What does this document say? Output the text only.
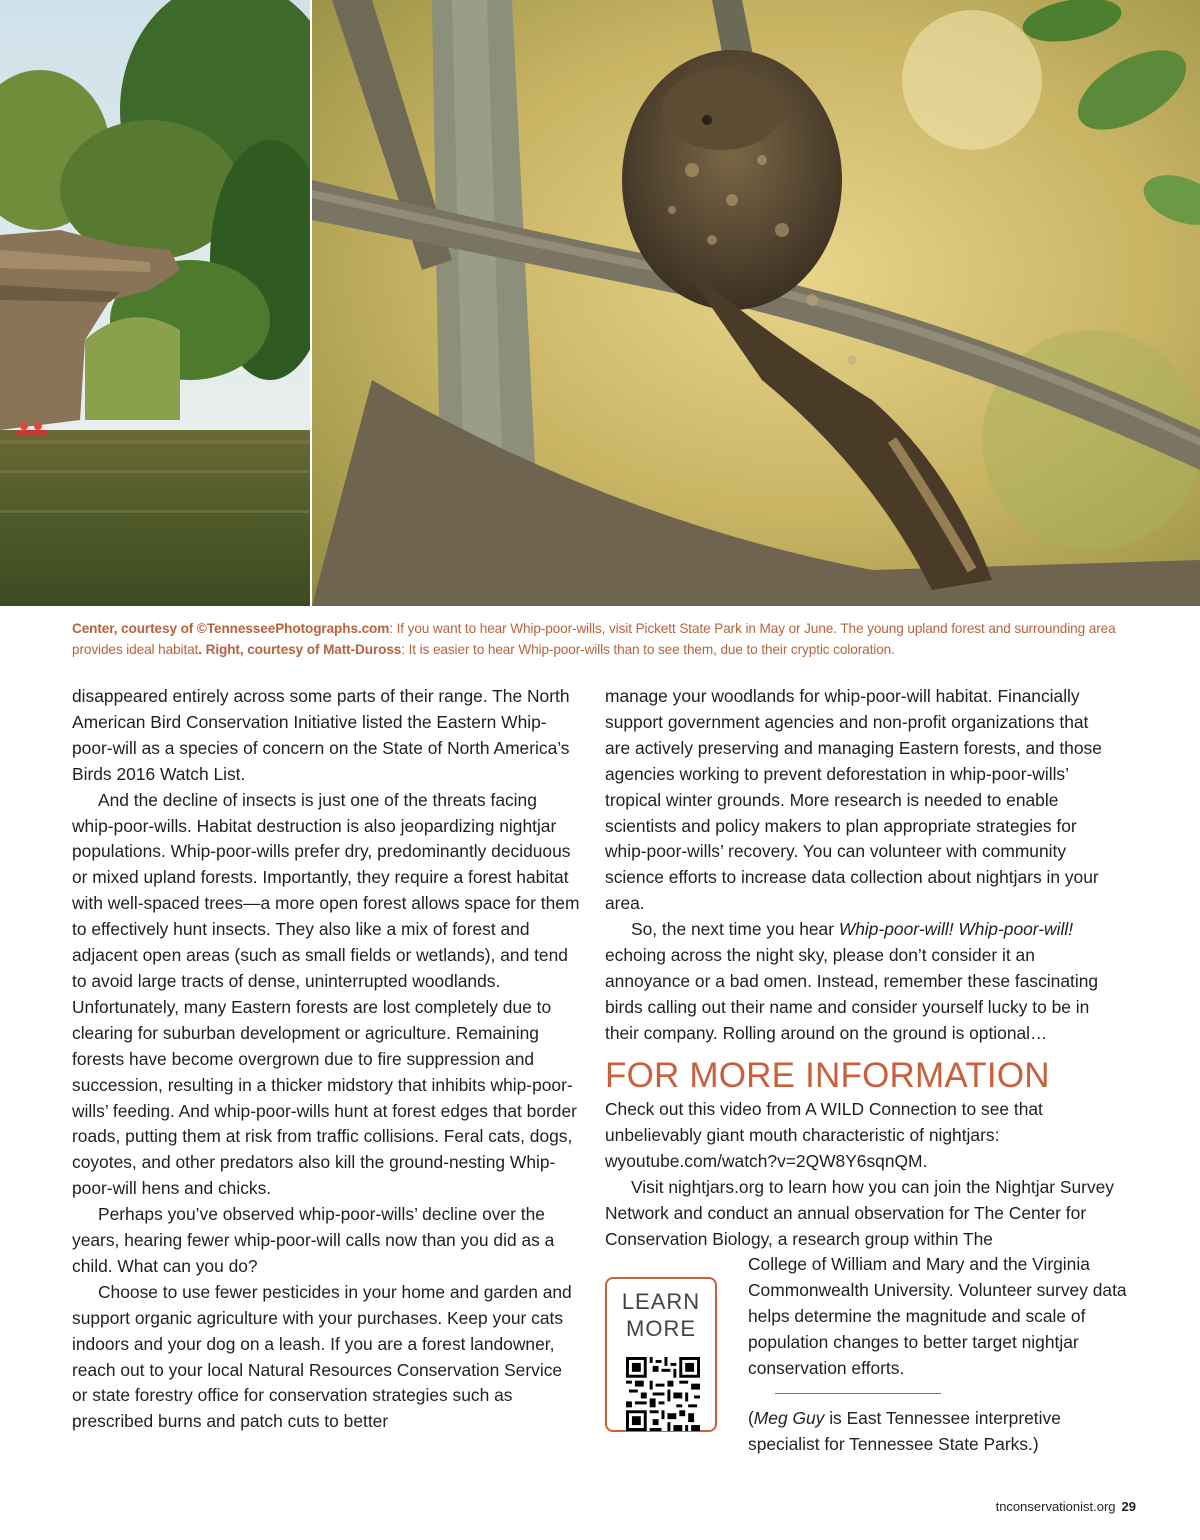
Center, courtesy of ©TennesseePhotographs.com: If you want to hear Whip-poor-wills, visit Pickett State Park in May or June. The young upland forest and surrounding area provides ideal habitat. Right, courtesy of Matt-Duross: It is easier to hear Whip-poor-wills than to see them, due to their cryptic coloration.

disappeared entirely across some parts of their range. The North American Bird Conservation Initiative listed the Eastern Whip-poor-will as a species of concern on the State of North America’s Birds 2016 Watch List.

And the decline of insects is just one of the threats facing whip-poor-wills. Habitat destruction is also jeopardizing nightjar populations. Whip-poor-wills prefer dry, predominantly deciduous or mixed upland forests. Importantly, they require a forest habitat with well-spaced trees—a more open forest allows space for them to effectively hunt insects. They also like a mix of forest and adjacent open areas (such as small fields or wetlands), and tend to avoid large tracts of dense, uninterrupted woodlands. Unfortunately, many Eastern forests are lost completely due to clearing for suburban development or agriculture. Remaining forests have become overgrown due to fire suppression and succession, resulting in a thicker midstory that inhibits whip-poor-wills’ feeding. And whip-poor-wills hunt at forest edges that border roads, putting them at risk from traffic collisions. Feral cats, dogs, coyotes, and other predators also kill the ground-nesting Whip-poor-will hens and chicks.

Perhaps you’ve observed whip-poor-wills’ decline over the years, hearing fewer whip-poor-will calls now than you did as a child. What can you do?

Choose to use fewer pesticides in your home and garden and support organic agriculture with your purchases. Keep your cats indoors and your dog on a leash. If you are a forest landowner, reach out to your local Natural Resources Conservation Service or state forestry office for conservation strategies such as prescribed burns and patch cuts to better

manage your woodlands for whip-poor-will habitat. Financially support government agencies and non-profit organizations that are actively preserving and managing Eastern forests, and those agencies working to prevent deforestation in whip-poor-wills’ tropical winter grounds. More research is needed to enable scientists and policy makers to plan appropriate strategies for whip-poor-wills’ recovery. You can volunteer with community science efforts to increase data collection about nightjars in your area.

So, the next time you hear Whip-poor-will! Whip-poor-will! echoing across the night sky, please don’t consider it an annoyance or a bad omen. Instead, remember these fascinating birds calling out their name and consider yourself lucky to be in their company. Rolling around on the ground is optional…

FOR MORE INFORMATION

Check out this video from A WILD Connection to see that unbelievably giant mouth characteristic of nightjars: wyoutube.com/watch?v=2QW8Y6sqnQM.

Visit nightjars.org to learn how you can join the Nightjar Survey Network and conduct an annual observation for The Center for Conservation Biology, a research group within The

College of William and Mary and the Virginia Commonwealth University. Volunteer survey data helps determine the magnitude and scale of population changes to better target nightjar conservation efforts.
LEARN
MORE
(Meg Guy is East Tennessee interpretive specialist for Tennessee State Parks.)
tnconservationist.org 29
